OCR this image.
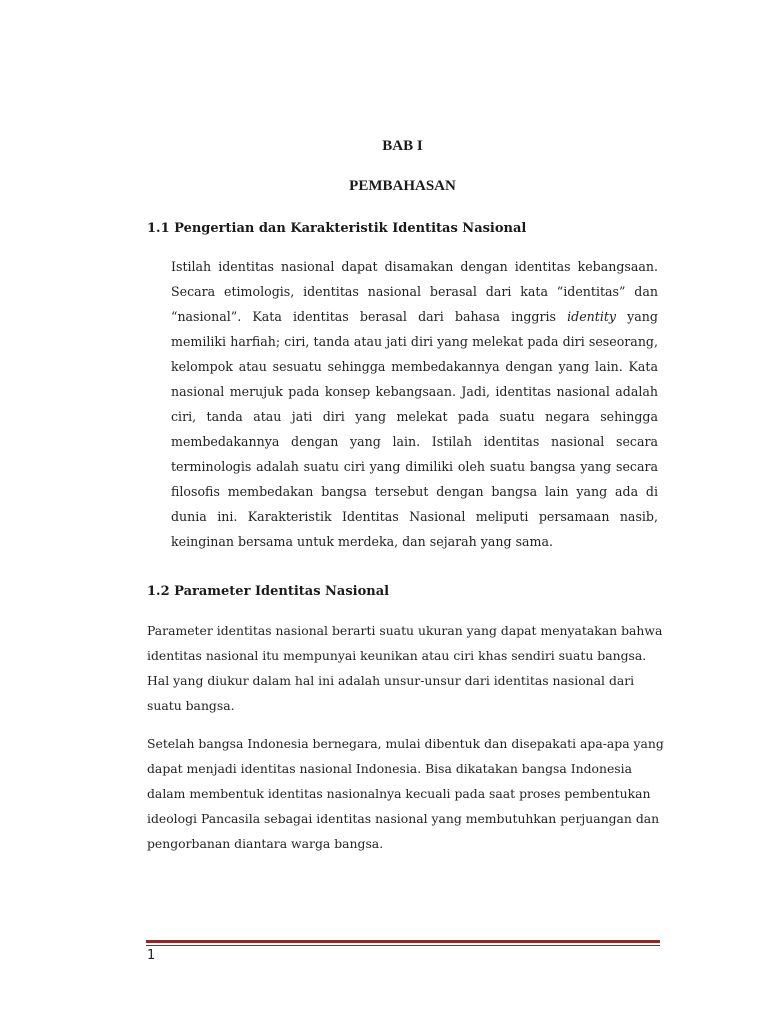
BAB I
PEMBAHASAN
1.1 Pengertian dan Karakteristik Identitas Nasional

Istilah identitas nasional dapat disamakan dengan identitas kebangsaan. Secara etimologis, identitas nasional berasal dari kata “identitas” dan “nasional”. Kata identitas berasal dari bahasa inggris identity yang memiliki harfiah; ciri, tanda atau jati diri yang melekat pada diri seseorang, kelompok atau sesuatu sehingga membedakannya dengan yang lain. Kata nasional merujuk pada konsep kebangsaan. Jadi, identitas nasional adalah ciri, tanda atau jati diri yang melekat pada suatu negara sehingga membedakannya dengan yang lain. Istilah identitas nasional secara terminologis adalah suatu ciri yang dimiliki oleh suatu bangsa yang secara filosofis membedakan bangsa tersebut dengan bangsa lain yang ada di dunia ini. Karakteristik Identitas Nasional meliputi persamaan nasib, keinginan bersama untuk merdeka, dan sejarah yang sama.

1.2 Parameter Identitas Nasional

Parameter identitas nasional berarti suatu ukuran yang dapat menyatakan bahwa identitas nasional itu mempunyai keunikan atau ciri khas sendiri suatu bangsa. Hal yang diukur dalam hal ini adalah unsur-unsur dari identitas nasional dari suatu bangsa.

Setelah bangsa Indonesia bernegara, mulai dibentuk dan disepakati apa-apa yang dapat menjadi identitas nasional Indonesia. Bisa dikatakan bangsa Indonesia dalam membentuk identitas nasionalnya kecuali pada saat proses pembentukan ideologi Pancasila sebagai identitas nasional yang membutuhkan perjuangan dan pengorbanan diantara warga bangsa.

1
